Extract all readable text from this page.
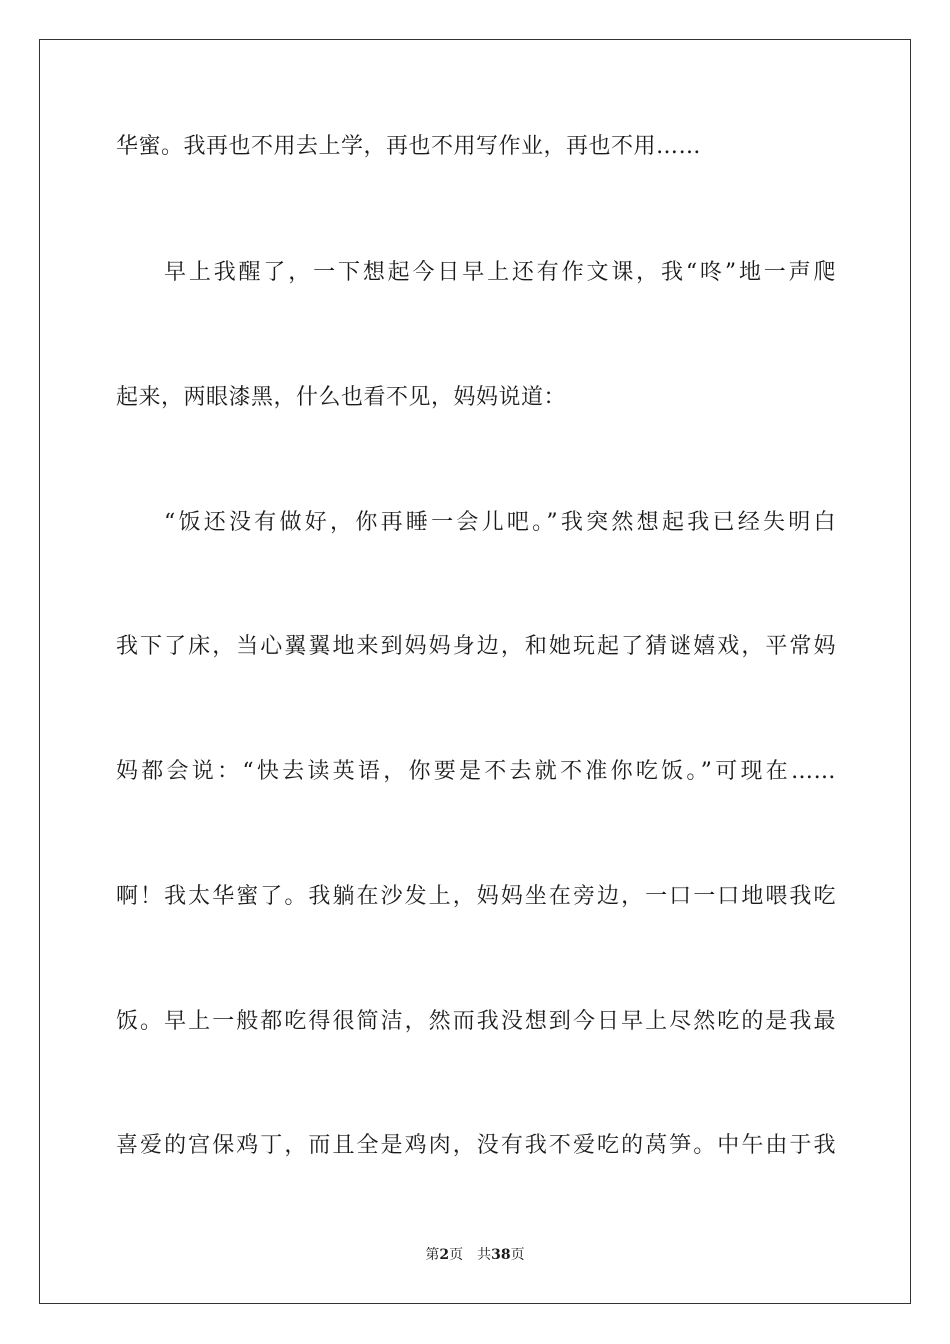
华蜜。我再也不用去上学，再也不用写作业，再也不用……
早上我醒了，一下想起今日早上还有作文课，我“咚”地一声爬
起来，两眼漆黑，什么也看不见，妈妈说道：
“饭还没有做好，你再睡一会儿吧。”我突然想起我已经失明白
我下了床，当心翼翼地来到妈妈身边，和她玩起了猜谜嬉戏，平常妈
妈都会说：“快去读英语，你要是不去就不准你吃饭。”可现在……
啊！我太华蜜了。我躺在沙发上，妈妈坐在旁边，一口一口地喂我吃
饭。早上一般都吃得很简洁，然而我没想到今日早上尽然吃的是我最
喜爱的宫保鸡丁，而且全是鸡肉，没有我不爱吃的莴笋。中午由于我
第2页 共38页
